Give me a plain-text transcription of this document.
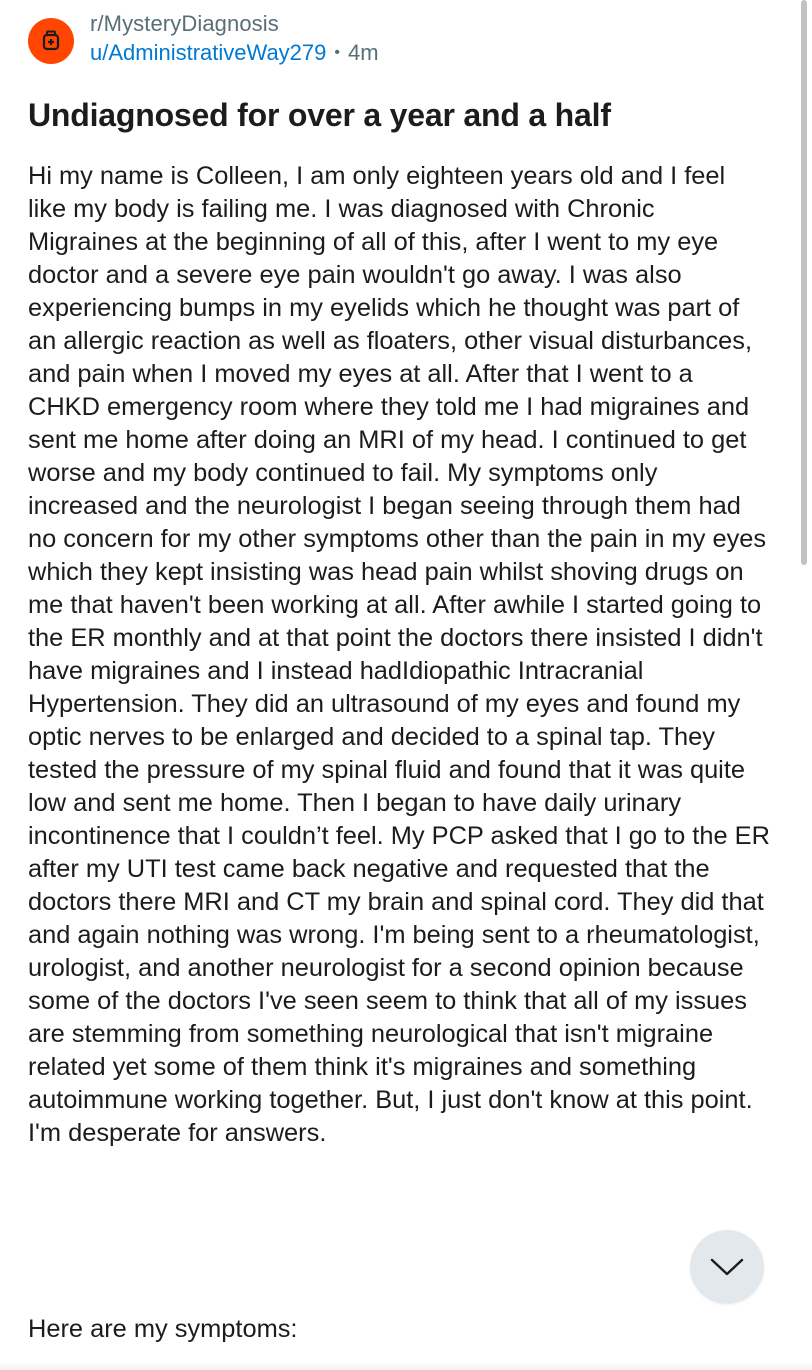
r/MysteryDiagnosis
u/AdministrativeWay279 • 4m
Undiagnosed for over a year and a half

Hi my name is Colleen, I am only eighteen years old and I feel like my body is failing me. I was diagnosed with Chronic Migraines at the beginning of all of this, after I went to my eye doctor and a severe eye pain wouldn't go away. I was also experiencing bumps in my eyelids which he thought was part of an allergic reaction as well as floaters, other visual disturbances, and pain when I moved my eyes at all. After that I went to a CHKD emergency room where they told me I had migraines and sent me home after doing an MRI of my head. I continued to get worse and my body continued to fail. My symptoms only increased and the neurologist I began seeing through them had no concern for my other symptoms other than the pain in my eyes which they kept insisting was head pain whilst shoving drugs on me that haven't been working at all. After awhile I started going to the ER monthly and at that point the doctors there insisted I didn't have migraines and I instead hadIdiopathic Intracranial Hypertension. They did an ultrasound of my eyes and found my optic nerves to be enlarged and decided to a spinal tap. They tested the pressure of my spinal fluid and found that it was quite low and sent me home. Then I began to have daily urinary incontinence that I couldn’t feel. My PCP asked that I go to the ER after my UTI test came back negative and requested that the doctors there MRI and CT my brain and spinal cord. They did that and again nothing was wrong. I'm being sent to a rheumatologist, urologist, and another neurologist for a second opinion because some of the doctors I've seen seem to think that all of my issues are stemming from something neurological that isn't migraine related yet some of them think it's migraines and something autoimmune working together. But, I just don't know at this point. I'm desperate for answers.

Here are my symptoms:
